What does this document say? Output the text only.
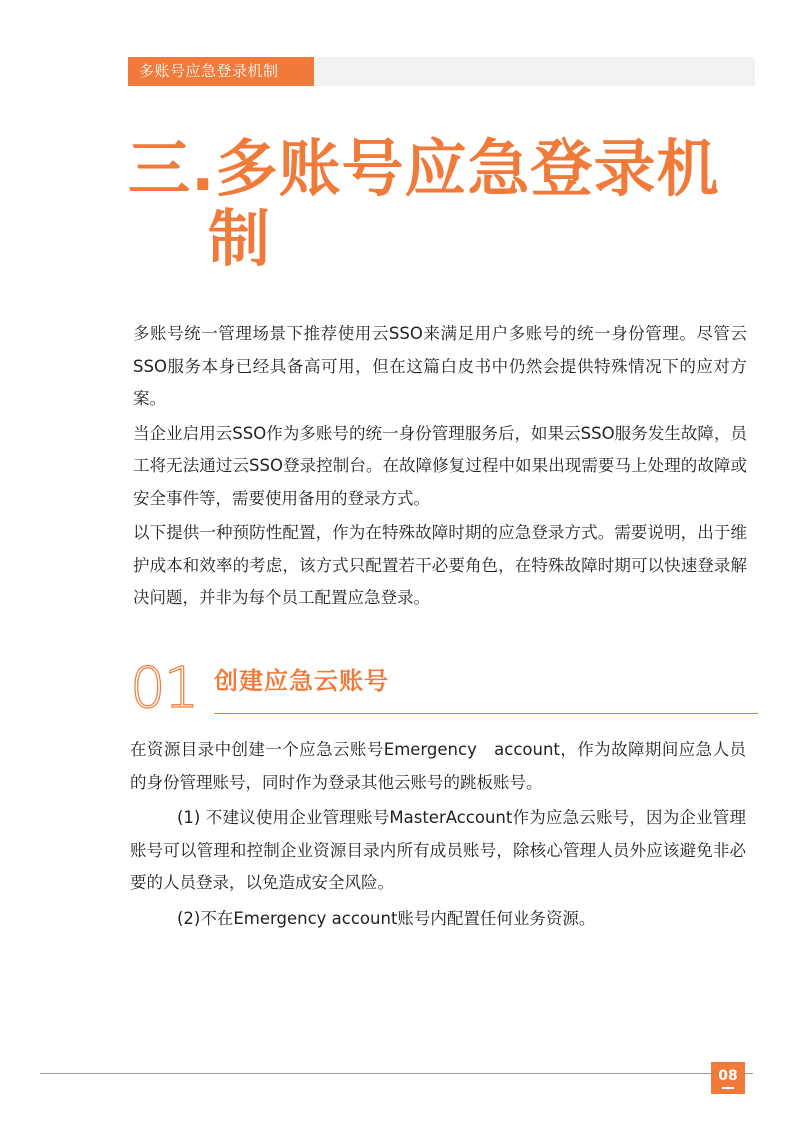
多账号应急登录机制
三.多账号应急登录机
制

多账号统一管理场景下推荐使用云SSO来满足用户多账号的统一身份管理。尽管云SSO服务本身已经具备高可用，但在这篇白皮书中仍然会提供特殊情况下的应对方案。

当企业启用云SSO作为多账号的统一身份管理服务后，如果云SSO服务发生故障，员工将无法通过云SSO登录控制台。在故障修复过程中如果出现需要马上处理的故障或安全事件等，需要使用备用的登录方式。

以下提供一种预防性配置，作为在特殊故障时期的应急登录方式。需要说明，出于维护成本和效率的考虑，该方式只配置若干必要角色，在特殊故障时期可以快速登录解决问题，并非为每个员工配置应急登录。

01 创建应急云账号

在资源目录中创建一个应急云账号Emergency　account，作为故障期间应急人员的身份管理账号，同时作为登录其他云账号的跳板账号。

(1) 不建议使用企业管理账号MasterAccount作为应急云账号，因为企业管理账号可以管理和控制企业资源目录内所有成员账号，除核心管理人员外应该避免非必要的人员登录，以免造成安全风险。

(2)不在Emergency account账号内配置任何业务资源。

08
